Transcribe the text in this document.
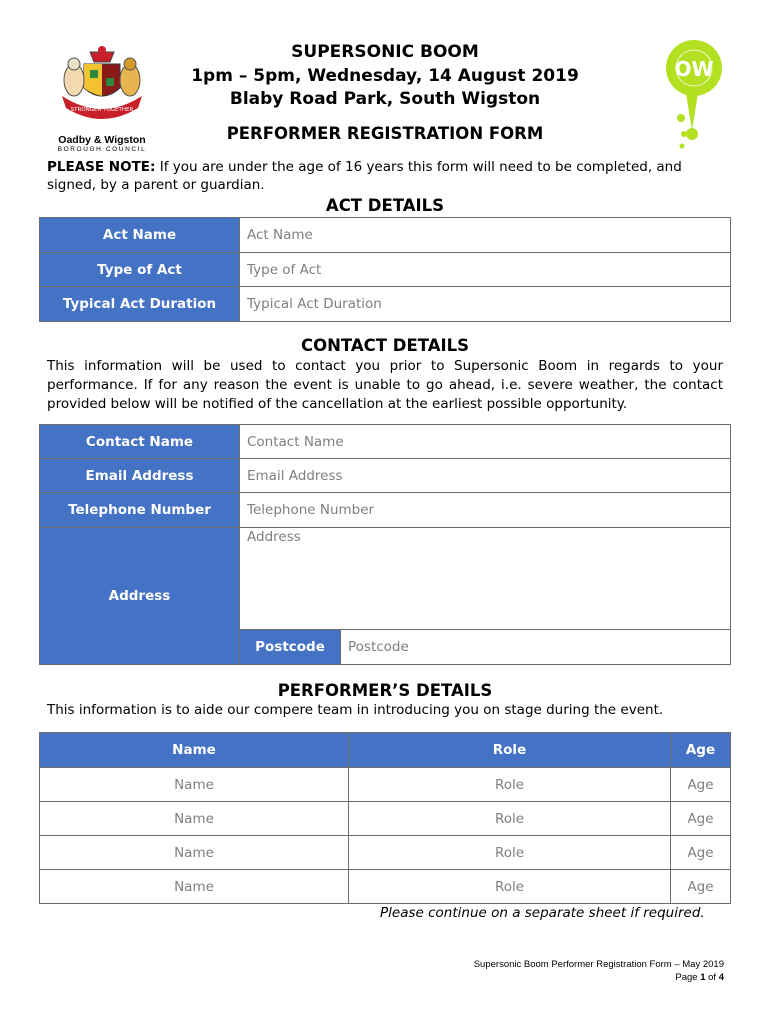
STRONGER TOGETHER
Oadby & Wigston
BOROUGH COUNCIL
OW
SUPERSONIC BOOM
1pm – 5pm, Wednesday, 14 August 2019
Blaby Road Park, South Wigston
PERFORMER REGISTRATION FORM
PLEASE NOTE: If you are under the age of 16 years this form will need to be completed, and signed, by a parent or guardian.
ACT DETAILS
Act Name	Act Name
Type of Act	Type of Act
Typical Act Duration	Typical Act Duration
CONTACT DETAILS
This information will be used to contact you prior to Supersonic Boom in regards to your performance. If for any reason the event is unable to go ahead, i.e. severe weather, the contact provided below will be notified of the cancellation at the earliest possible opportunity.
Contact Name	Contact Name	
Email Address	Email Address	
Telephone Number	Telephone Number	
Address	Address	
	Postcode	Postcode
PERFORMER’S DETAILS
This information is to aide our compere team in introducing you on stage during the event.
Name	Role	Age
Name	Role	Age
Name	Role	Age
Name	Role	Age
Name	Role	Age
Please continue on a separate sheet if required.
Supersonic Boom Performer Registration Form – May 2019
Page 1 of 4
